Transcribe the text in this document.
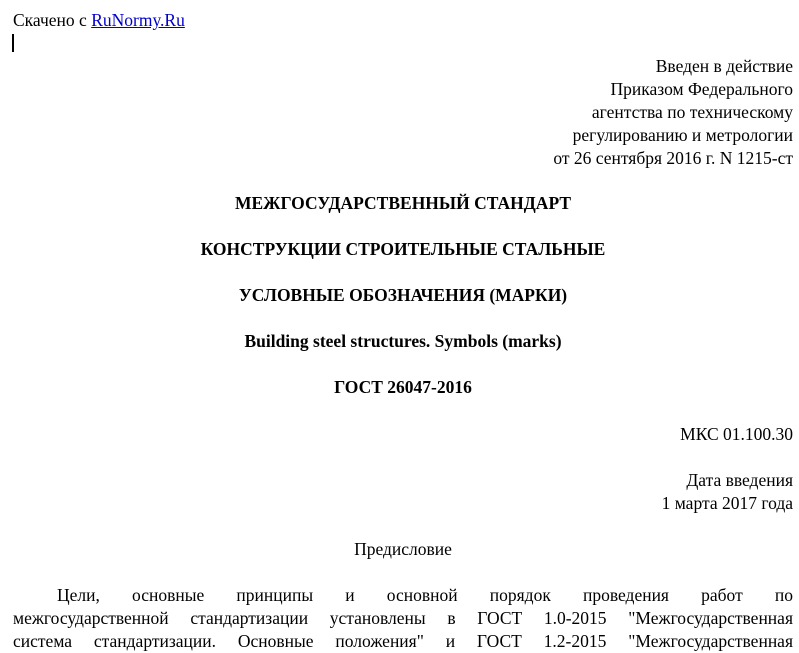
Скачено с RuNormy.Ru
Введен в действие
Приказом Федерального
агентства по техническому
регулированию и метрологии
от 26 сентября 2016 г. N 1215-ст
МЕЖГОСУДАРСТВЕННЫЙ СТАНДАРТ
КОНСТРУКЦИИ СТРОИТЕЛЬНЫЕ СТАЛЬНЫЕ
УСЛОВНЫЕ ОБОЗНАЧЕНИЯ (МАРКИ)
Building steel structures. Symbols (marks)
ГОСТ 26047-2016
МКС 01.100.30
Дата введения
1 марта 2017 года
Предисловие
Цели, основные принципы и основной порядок проведения работ по
межгосударственной стандартизации установлены в ГОСТ 1.0-2015 "Межгосударственная
система стандартизации. Основные положения" и ГОСТ 1.2-2015 "Межгосударственная
